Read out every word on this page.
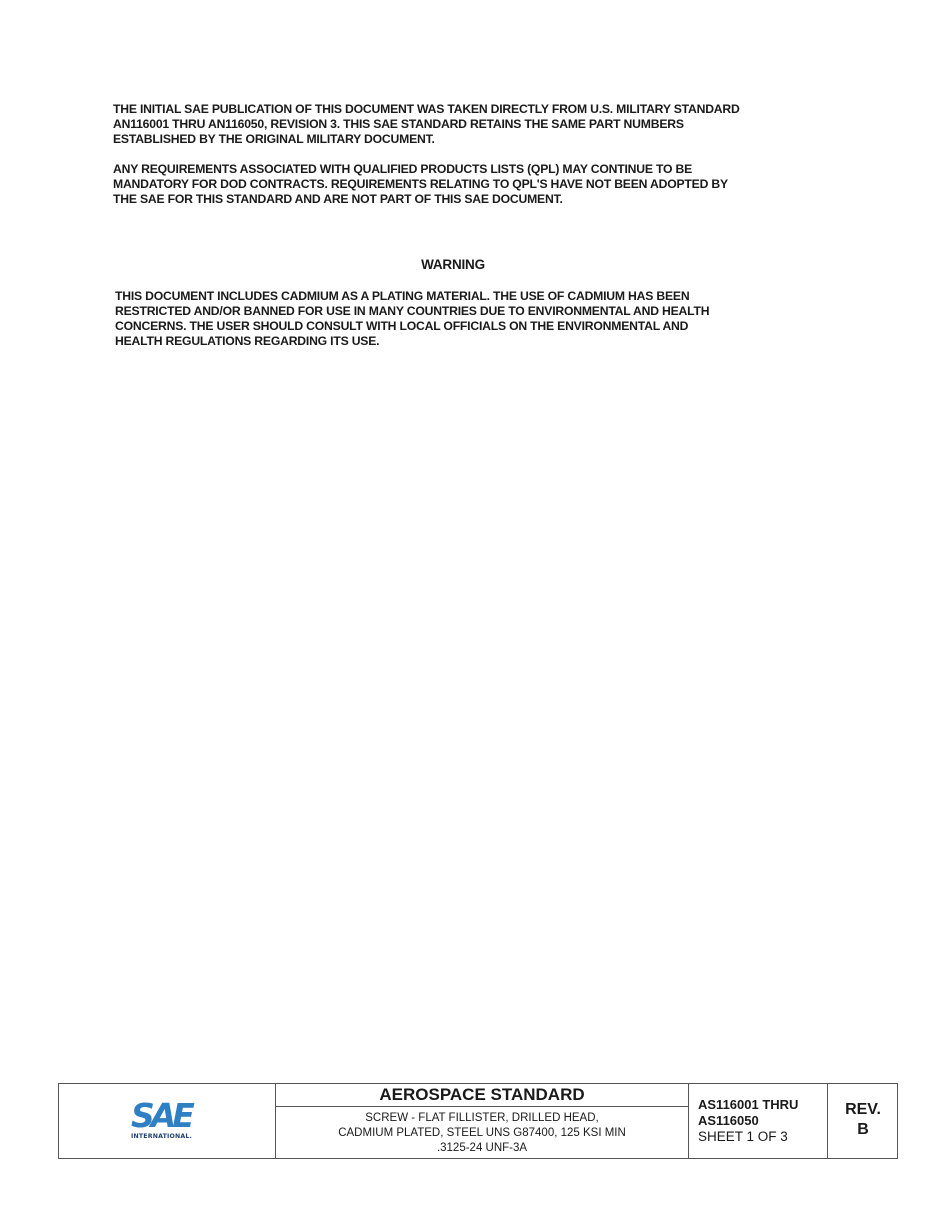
THE INITIAL SAE PUBLICATION OF THIS DOCUMENT WAS TAKEN DIRECTLY FROM U.S. MILITARY STANDARD
AN116001 THRU AN116050, REVISION 3. THIS SAE STANDARD RETAINS THE SAME PART NUMBERS
ESTABLISHED BY THE ORIGINAL MILITARY DOCUMENT.
ANY REQUIREMENTS ASSOCIATED WITH QUALIFIED PRODUCTS LISTS (QPL) MAY CONTINUE TO BE
MANDATORY FOR DOD CONTRACTS. REQUIREMENTS RELATING TO QPL'S HAVE NOT BEEN ADOPTED BY
THE SAE FOR THIS STANDARD AND ARE NOT PART OF THIS SAE DOCUMENT.
WARNING
THIS DOCUMENT INCLUDES CADMIUM AS A PLATING MATERIAL. THE USE OF CADMIUM HAS BEEN
RESTRICTED AND/OR BANNED FOR USE IN MANY COUNTRIES DUE TO ENVIRONMENTAL AND HEALTH
CONCERNS. THE USER SHOULD CONSULT WITH LOCAL OFFICIALS ON THE ENVIRONMENTAL AND
HEALTH REGULATIONS REGARDING ITS USE.
SAE
INTERNATIONAL.
AEROSPACE STANDARD
SCREW - FLAT FILLISTER, DRILLED HEAD,
CADMIUM PLATED, STEEL UNS G87400, 125 KSI MIN
.3125-24 UNF-3A
AS116001 THRU
AS116050
SHEET 1 OF 3
REV.
B
